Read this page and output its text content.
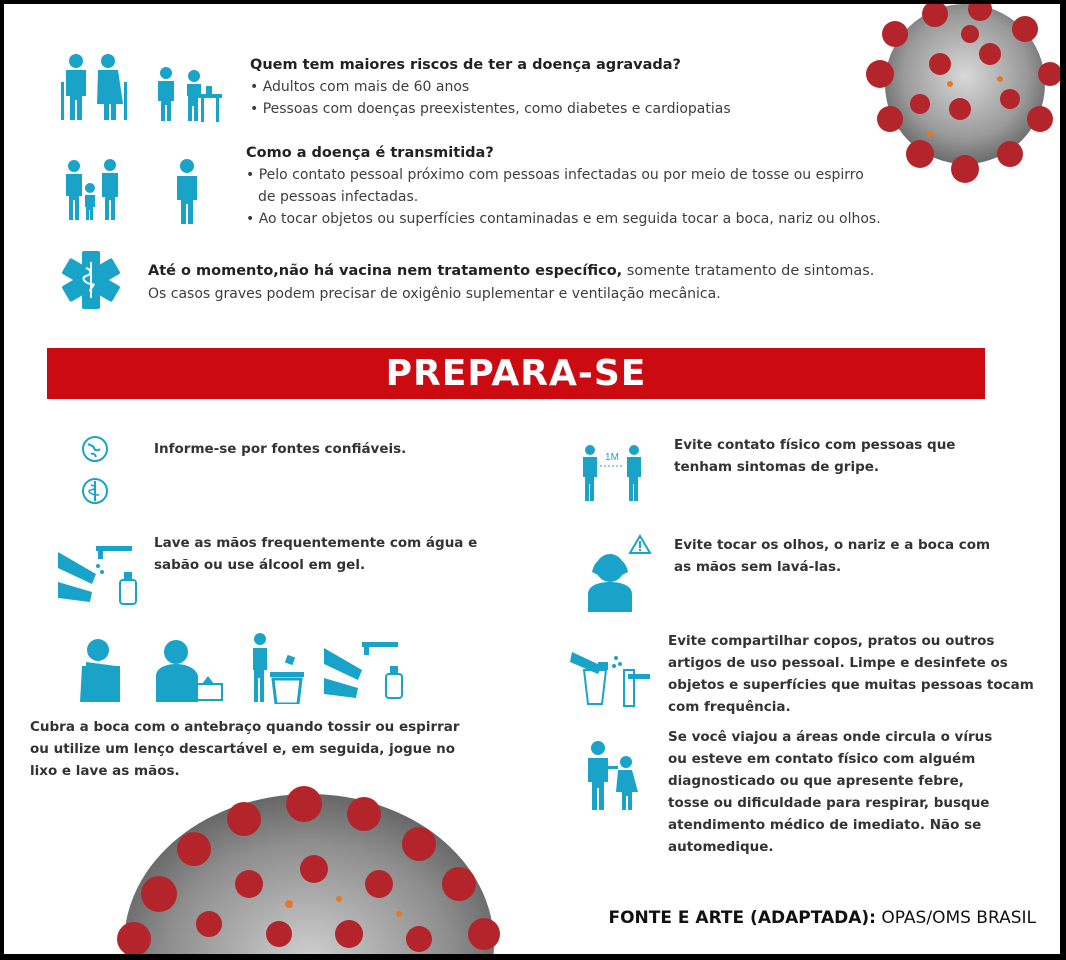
Quem tem maiores riscos de ter a doença agravada?
• Adultos com mais de 60 anos
• Pessoas com doenças preexistentes, como diabetes e cardiopatias
Como a doença é transmitida?
• Pelo contato pessoal próximo com pessoas infectadas ou por meio de tosse ou espirro
de pessoas infectadas.
• Ao tocar objetos ou superfícies contaminadas e em seguida tocar a boca, nariz ou olhos.
Até o momento,não há vacina nem tratamento específico, somente tratamento de sintomas.
Os casos graves podem precisar de oxigênio suplementar e ventilação mecânica.
PREPARA-SE
Informe-se por fontes confiáveis.
Lave as mãos frequentemente com água e sabão ou use álcool em gel.
Cubra a boca com o antebraço quando tossir ou espirrar ou utilize um lenço descartável e, em seguida, jogue no lixo e lave as mãos.
1M
Evite contato físico com pessoas que tenham sintomas de gripe.
Evite tocar os olhos, o nariz e a boca com as mãos sem lavá-las.
Evite compartilhar copos, pratos ou outros artigos de uso pessoal. Limpe e desinfete os objetos e superfícies que muitas pessoas tocam com frequência.
Se você viajou a áreas onde circula o vírus ou esteve em contato físico com alguém diagnosticado ou que apresente febre, tosse ou dificuldade para respirar, busque atendimento médico de imediato. Não se automedique.
FONTE E ARTE (ADAPTADA): OPAS/OMS BRASIL
